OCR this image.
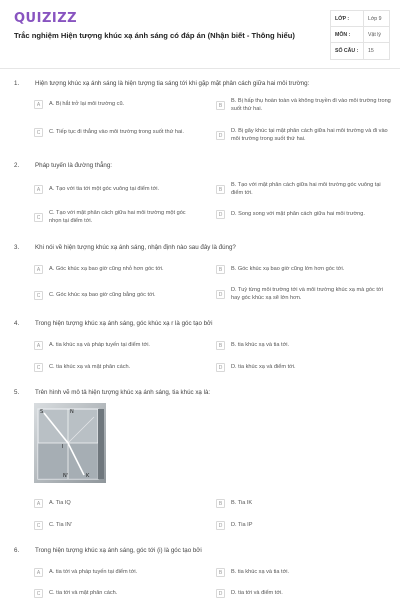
QUIZIZZ
Trắc nghiệm Hiện tượng khúc xạ ánh sáng có đáp án (Nhận biết - Thông hiểu)
LỚP :	Lớp 9
MÔN :	Vật lý
SỐ CÂU :	15
1.	Hiện tượng khúc xạ ánh sáng là hiện tượng tia sáng tới khi gặp mặt phân cách giữa hai môi trường:
A	A. Bị hắt trở lại môi trường cũ.	B
B. Bị hấp thụ hoàn toàn và không truyền đi vào môi trường trong suốt thứ hai.
C	C. Tiếp tục đi thẳng vào môi trường trong suốt thứ hai.
D
D. Bị gãy khúc tại mặt phân cách giữa hai môi trường và đi vào môi trường trong suốt thứ hai.
2.	Pháp tuyến là đường thẳng:
A	A. Tạo với tia tới một góc vuông tại điểm tới.	B
B. Tạo với mặt phân cách giữa hai môi trường góc vuông tại điểm tới.
C
C. Tạo với mặt phân cách giữa hai môi trường một góc nhọn tại điểm tới.
D	D. Song song với mặt phân cách giữa hai môi trường.
3.	Khi nói về hiện tượng khúc xạ ánh sáng, nhận định nào sau đây là đúng?
A	A. Góc khúc xạ bao giờ cũng nhỏ hơn góc tới.	B	B. Góc khúc xạ bao giờ cũng lớn hơn góc tới.
C	C. Góc khúc xạ bao giờ cũng bằng góc tới.	D
D. Tuỳ từng môi trường tới và môi trường khúc xạ mà góc tới hay góc khúc xạ sẽ lớn hơn.
4.	Trong hiện tượng khúc xạ ánh sáng, góc khúc xạ r là góc tạo bởi
A	A. tia khúc xạ và pháp tuyến tại điểm tới.	B	B. tia khúc xạ và tia tới.
C	C. tia khúc xạ và mặt phân cách.	D	D. tia khúc xạ và điểm tới.
5.	Trên hình vẽ mô tả hiện tượng khúc xạ ánh sáng, tia khúc xạ là:
S	N
I
N'	K
A	A. Tia IQ	B	B. Tia IK
C	C. Tia IN'	D	D. Tia IP
6.	Trong hiện tượng khúc xạ ánh sáng, góc tới (i) là góc tạo bởi
A	A. tia tới và pháp tuyến tại điểm tới.	B	B. tia khúc xạ và tia tới.
C	C. tia tới và mặt phân cách.	D	D. tia tới và điểm tới.
